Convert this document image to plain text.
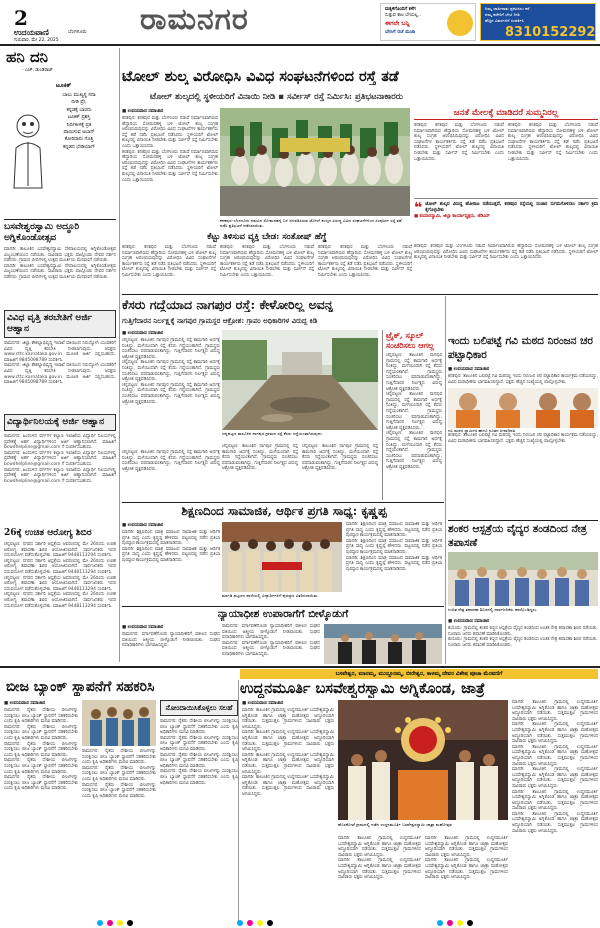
2
ಉದಯವಾಣಿ	ಬೆಂಗಳೂರು
ಗುರುವಾರ, ಮೇ 22, 2025
ರಾಮನಗರ	ಮಕ್ಕಳಿಗೊಂದಿಗೆ ಕಳೆಗ
ಸುತ್ತುವ ಕಾಲ ಬೇಯಲ್ಲ..
ಈಗಲೇ ಬನ್ನಿ
ಬೇಸಿಗೆ ರಜೆ ಮಜಾ
ನಿಮ್ಮ ಜಾಹೀರಾತು ಪ್ರಕಟಿಸಲು ಕರೆ
ನಮ್ಮ ಕಚೇರಿಗೆ ಭೇಟಿ ನೀಡಿ
ಹೆಚ್ಚಿನ ವಿವರಗಳಿಗೆ ಸಂಪರ್ಕಿಸಿ
8310152292
ಹನಿ ದನಿ
- ಎಚ್. ಡುಂಡಿರಾಜ್
ಟೂಕಿಕ್
ಬಾಲು ಮುಖ್ಯಸ್ಥ ಸದಾ
ದೀಡಿ ಪ್ರೇ,
ಕನ್ನಡಕ್ಕೆ ಬಾರದು
ಟೂಕಿಕ್ ಪ್ರಶಸ್ತಿ
ನಿರ್ದಿಕೀಳಕ್ಕೆ ಪ್ರತಿ
ಪಾಯಿಸುವ ಅಬಾನ್
ಕೋರಿದಾನು ಗೊತ್ತಿ
ಕನ್ನಡದ ಭೇಡಿಯಾಗ್
ಬಸವೇಶ್ವರಸ್ವಾಮಿ ಅದ್ಧೂರಿ ಅಗ್ನಿಕೊಂಡೋತ್ಸವ
ಮಾಗಡಿ: ತಾಲೂಕಿನ ಬಸವೇಶ್ವರಸ್ವಾಮಿ ದೇವಾಲಯದಲ್ಲಿ ಅಗ್ನಿಕೊಂಡೋತ್ಸವ ವಿಜೃಂಭಣೆಯಿಂದ ನಡೆಯಿತು. ಸಾವಿರಾರು ಭಕ್ತರು ಪಾಲ್ಗೊಂಡು ದೇವರ ದರ್ಶನ ಪಡೆದರು. ಗ್ರಾಮದ ಬೀದಿಗಳಲ್ಲಿ ಉತ್ಸವ ಮೂರ್ತಿಯ ಮೆರವಣಿಗೆ ನಡೆಯಿತು.
ಮಾಗಡಿ: ತಾಲೂಕಿನ ಬಸವೇಶ್ವರಸ್ವಾಮಿ ದೇವಾಲಯದಲ್ಲಿ ಅಗ್ನಿಕೊಂಡೋತ್ಸವ ವಿಜೃಂಭಣೆಯಿಂದ ನಡೆಯಿತು. ಸಾವಿರಾರು ಭಕ್ತರು ಪಾಲ್ಗೊಂಡು ದೇವರ ದರ್ಶನ ಪಡೆದರು. ಗ್ರಾಮದ ಬೀದಿಗಳಲ್ಲಿ ಉತ್ಸವ ಮೂರ್ತಿಯ ಮೆರವಣಿಗೆ ನಡೆಯಿತು.
ವಿವಿಧ ವೃತ್ತಿ ತರಬೇತಿಗೆ ಅರ್ಜಿ ಆಹ್ವಾನ
ರಾಮನಗರ: ಜಿಲ್ಲಾ ಕೌಶಲ್ಯಾಭಿವೃದ್ಧಿ ಇಲಾಖೆ ವತಿಯಿಂದ ನಿರುದ್ಯೋಗಿ ಯುವಕರಿಗೆ ವಿವಿಧ ವೃತ್ತಿ ತರಬೇತಿ ನೀಡಲಾಗುವುದು. ಆಸಕ್ತರು www.cttc.karnataka.gov.in ಮೂಲಕ ಅರ್ಜಿ ಸಲ್ಲಿಸಬಹುದು. ಮಾಹಿತಿಗೆ 9845098789 ಸಂಪರ್ಕಿಸಿ.
ರಾಮನಗರ: ಜಿಲ್ಲಾ ಕೌಶಲ್ಯಾಭಿವೃದ್ಧಿ ಇಲಾಖೆ ವತಿಯಿಂದ ನಿರುದ್ಯೋಗಿ ಯುವಕರಿಗೆ ವಿವಿಧ ವೃತ್ತಿ ತರಬೇತಿ ನೀಡಲಾಗುವುದು. ಆಸಕ್ತರು www.cttc.karnataka.gov.in ಮೂಲಕ ಅರ್ಜಿ ಸಲ್ಲಿಸಬಹುದು. ಮಾಹಿತಿಗೆ 9845098789 ಸಂಪರ್ಕಿಸಿ.
ವಿದ್ಯಾರ್ಥಿನಿಲಯಕ್ಕೆ ಅರ್ಜಿ ಆಹ್ವಾನ
ರಾಮನಗರ: ಹಿಂದುಳಿದ ವರ್ಗಗಳ ಕಲ್ಯಾಣ ಇಲಾಖೆಯ ವಿದ್ಯಾರ್ಥಿ ನಿಲಯಗಳಲ್ಲಿ ಪ್ರವೇಶಕ್ಕೆ ಅರ್ಹ ವಿದ್ಯಾರ್ಥಿಗಳಿಂದ ಅರ್ಜಿ ಆಹ್ವಾನಿಸಲಾಗಿದೆ. ಮಾಹಿತಿಗೆ bcwdhelpline@gmail.com ಗೆ ಸಂಪರ್ಕಿಸಬಹುದು.
ರಾಮನಗರ: ಹಿಂದುಳಿದ ವರ್ಗಗಳ ಕಲ್ಯಾಣ ಇಲಾಖೆಯ ವಿದ್ಯಾರ್ಥಿ ನಿಲಯಗಳಲ್ಲಿ ಪ್ರವೇಶಕ್ಕೆ ಅರ್ಹ ವಿದ್ಯಾರ್ಥಿಗಳಿಂದ ಅರ್ಜಿ ಆಹ್ವಾನಿಸಲಾಗಿದೆ. ಮಾಹಿತಿಗೆ bcwdhelpline@gmail.com ಗೆ ಸಂಪರ್ಕಿಸಬಹುದು.
ರಾಮನಗರ: ಹಿಂದುಳಿದ ವರ್ಗಗಳ ಕಲ್ಯಾಣ ಇಲಾಖೆಯ ವಿದ್ಯಾರ್ಥಿ ನಿಲಯಗಳಲ್ಲಿ ಪ್ರವೇಶಕ್ಕೆ ಅರ್ಹ ವಿದ್ಯಾರ್ಥಿಗಳಿಂದ ಅರ್ಜಿ ಆಹ್ವಾನಿಸಲಾಗಿದೆ. ಮಾಹಿತಿಗೆ bcwdhelpline@gmail.com ಗೆ ಸಂಪರ್ಕಿಸಬಹುದು.
26ಕ್ಕೆ ಉಚಿತ ಆರೋಗ್ಯ ಶಿಬಿರ
ಚನ್ನಪಟ್ಟಣ: ನಗರದ ಸರ್ಕಾರಿ ಆಸ್ಪತ್ರೆಯ ಆವರಣದಲ್ಲಿ ಮೇ 26ರಂದು ಉಚಿತ ಆರೋಗ್ಯ ತಪಾಸಣಾ ಶಿಬಿರ ಆಯೋಜಿಸಲಾಗಿದೆ. ಸಾರ್ವಜನಿಕರು ಇದರ ಸದುಪಯೋಗ ಪಡೆದುಕೊಳ್ಳಬೇಕು. ಮಾಹಿತಿಗೆ 9448113294 ಸಂಪರ್ಕಿಸಿ.
ಚನ್ನಪಟ್ಟಣ: ನಗರದ ಸರ್ಕಾರಿ ಆಸ್ಪತ್ರೆಯ ಆವರಣದಲ್ಲಿ ಮೇ 26ರಂದು ಉಚಿತ ಆರೋಗ್ಯ ತಪಾಸಣಾ ಶಿಬಿರ ಆಯೋಜಿಸಲಾಗಿದೆ. ಸಾರ್ವಜನಿಕರು ಇದರ ಸದುಪಯೋಗ ಪಡೆದುಕೊಳ್ಳಬೇಕು. ಮಾಹಿತಿಗೆ 9448113294 ಸಂಪರ್ಕಿಸಿ.
ಚನ್ನಪಟ್ಟಣ: ನಗರದ ಸರ್ಕಾರಿ ಆಸ್ಪತ್ರೆಯ ಆವರಣದಲ್ಲಿ ಮೇ 26ರಂದು ಉಚಿತ ಆರೋಗ್ಯ ತಪಾಸಣಾ ಶಿಬಿರ ಆಯೋಜಿಸಲಾಗಿದೆ. ಸಾರ್ವಜನಿಕರು ಇದರ ಸದುಪಯೋಗ ಪಡೆದುಕೊಳ್ಳಬೇಕು. ಮಾಹಿತಿಗೆ 9448113294 ಸಂಪರ್ಕಿಸಿ.
ಚನ್ನಪಟ್ಟಣ: ನಗರದ ಸರ್ಕಾರಿ ಆಸ್ಪತ್ರೆಯ ಆವರಣದಲ್ಲಿ ಮೇ 26ರಂದು ಉಚಿತ ಆರೋಗ್ಯ ತಪಾಸಣಾ ಶಿಬಿರ ಆಯೋಜಿಸಲಾಗಿದೆ. ಸಾರ್ವಜನಿಕರು ಇದರ ಸದುಪಯೋಗ ಪಡೆದುಕೊಳ್ಳಬೇಕು. ಮಾಹಿತಿಗೆ 9448113294 ಸಂಪರ್ಕಿಸಿ.
ಟೋಲ್ ಶುಲ್ಕ ವಿರೋಧಿಸಿ ವಿವಿಧ ಸಂಘಟನೆಗಳಿಂದ ರಸ್ತೆ ತಡೆ
ಟೋಲ್ ಶುಲ್ಕದಲ್ಲಿ ಸ್ಥಳೀಯರಿಗೆ ವಿನಾಯಿ ನೀಡಿ ▪ ಸರ್ವೀಸ್ ರಸ್ತೆ ನಿರ್ಮಿಸಿ: ಪ್ರತಿಭಟನಾಕಾರರು
■ ಉದಯವಾಣಿ ಸಮಾಚಾರ
ಕನಕಪುರ: ಕನಕಪುರ ಮತ್ತು ಬೆಂಗಳೂರು ನಡುವೆ ನಿರ್ಮಾಣವಾಗಿರುವ ಹೆದ್ದಾರಿಯ ಸೋಮನಹಳ್ಳಿ ಬಳಿ ಟೋಲ್ ಶುಲ್ಕ ಸಂಗ್ರಹ ಆರಂಭಿಸಿರುವುದನ್ನು ವಿರೋಧಿಸಿ ವಿವಿಧ ಸಂಘಟನೆಗಳ ಕಾರ್ಯಕರ್ತರು ರಸ್ತೆ ತಡೆ ನಡೆಸಿ ಪ್ರತಿಭಟನೆ ನಡೆಸಿದರು. ಸ್ಥಳೀಯರಿಗೆ ಟೋಲ್ ಶುಲ್ಕದಲ್ಲಿ ವಿನಾಯಿತಿ ನೀಡಬೇಕು ಮತ್ತು ಸರ್ವೀಸ್ ರಸ್ತೆ ನಿರ್ಮಿಸಬೇಕು ಎಂದು ಒತ್ತಾಯಿಸಿದರು.
ಕನಕಪುರ: ಕನಕಪುರ ಮತ್ತು ಬೆಂಗಳೂರು ನಡುವೆ ನಿರ್ಮಾಣವಾಗಿರುವ ಹೆದ್ದಾರಿಯ ಸೋಮನಹಳ್ಳಿ ಬಳಿ ಟೋಲ್ ಶುಲ್ಕ ಸಂಗ್ರಹ ಆರಂಭಿಸಿರುವುದನ್ನು ವಿರೋಧಿಸಿ ವಿವಿಧ ಸಂಘಟನೆಗಳ ಕಾರ್ಯಕರ್ತರು ರಸ್ತೆ ತಡೆ ನಡೆಸಿ ಪ್ರತಿಭಟನೆ ನಡೆಸಿದರು. ಸ್ಥಳೀಯರಿಗೆ ಟೋಲ್ ಶುಲ್ಕದಲ್ಲಿ ವಿನಾಯಿತಿ ನೀಡಬೇಕು ಮತ್ತು ಸರ್ವೀಸ್ ರಸ್ತೆ ನಿರ್ಮಿಸಬೇಕು ಎಂದು ಒತ್ತಾಯಿಸಿದರು.
ಕನಕಪುರ–ಬೆಂಗಳೂರು ನಡುವಿನ ಸೋಮನಹಳ್ಳಿ ಬಳಿ ಅಳವಡಿಸಿರುವ ಟೋಲ್ ಶುಲ್ಕದ ವಿರುದ್ಧ ವಿವಿಧ ಸಂಘಟನೆಗಳಿಂದ ಸಂಪೂರ್ಣ ರಸ್ತೆ ತಡೆ ನಡೆಸಿ ಪ್ರತಿಭಟನೆ ನಡೆಸಲಾಯಿತು.
ಜನತೆ ಮೇಲಕ್ಕೆ ಮಾಡಿದರೆ ಸುಮ್ಮನಿರಲ್ಲ
ಕನಕಪುರ: ಕನಕಪುರ ಮತ್ತು ಬೆಂಗಳೂರು ನಡುವೆ ನಿರ್ಮಾಣವಾಗಿರುವ ಹೆದ್ದಾರಿಯ ಸೋಮನಹಳ್ಳಿ ಬಳಿ ಟೋಲ್ ಶುಲ್ಕ ಸಂಗ್ರಹ ಆರಂಭಿಸಿರುವುದನ್ನು ವಿರೋಧಿಸಿ ವಿವಿಧ ಸಂಘಟನೆಗಳ ಕಾರ್ಯಕರ್ತರು ರಸ್ತೆ ತಡೆ ನಡೆಸಿ ಪ್ರತಿಭಟನೆ ನಡೆಸಿದರು. ಸ್ಥಳೀಯರಿಗೆ ಟೋಲ್ ಶುಲ್ಕದಲ್ಲಿ ವಿನಾಯಿತಿ ನೀಡಬೇಕು ಮತ್ತು ಸರ್ವೀಸ್ ರಸ್ತೆ ನಿರ್ಮಿಸಬೇಕು ಎಂದು ಒತ್ತಾಯಿಸಿದರು.
ಕನಕಪುರ: ಕನಕಪುರ ಮತ್ತು ಬೆಂಗಳೂರು ನಡುವೆ ನಿರ್ಮಾಣವಾಗಿರುವ ಹೆದ್ದಾರಿಯ ಸೋಮನಹಳ್ಳಿ ಬಳಿ ಟೋಲ್ ಶುಲ್ಕ ಸಂಗ್ರಹ ಆರಂಭಿಸಿರುವುದನ್ನು ವಿರೋಧಿಸಿ ವಿವಿಧ ಸಂಘಟನೆಗಳ ಕಾರ್ಯಕರ್ತರು ರಸ್ತೆ ತಡೆ ನಡೆಸಿ ಪ್ರತಿಭಟನೆ ನಡೆಸಿದರು. ಸ್ಥಳೀಯರಿಗೆ ಟೋಲ್ ಶುಲ್ಕದಲ್ಲಿ ವಿನಾಯಿತಿ ನೀಡಬೇಕು ಮತ್ತು ಸರ್ವೀಸ್ ರಸ್ತೆ ನಿರ್ಮಿಸಬೇಕು ಎಂದು ಒತ್ತಾಯಿಸಿದರು.
❝ ಟೋಲ್ ಶುಲ್ಕದ ವಿರುದ್ಧ ಹೋರಾಟ ನಡೆಯುತ್ತದೆ, ಕನಕಪುರ ರಸ್ತೆಯಲ್ಲಿ ಸಂಚಾರ ಸುಗಮಗೊಳಿಸಲು ಸರ್ಕಾರ ಕ್ರಮ ಕೈಗೊಳ್ಳಬೇಕು
■ ಕುಮಾರಸ್ವಾಮಿ, ಜಿಲ್ಲಾ ಕಾರ್ಯಾಧ್ಯಕ್ಷರು, ಜೆಡಿಎಸ್
ಕೆಟ್ಟು ತಿಳಿಸುವ ವ್ಯಕ್ತಿ ಬೇಡ: ಸಂತೋಷ್ ಹೆಗ್ಡೆ
ಕನಕಪುರ: ಕನಕಪುರ ಮತ್ತು ಬೆಂಗಳೂರು ನಡುವೆ ನಿರ್ಮಾಣವಾಗಿರುವ ಹೆದ್ದಾರಿಯ ಸೋಮನಹಳ್ಳಿ ಬಳಿ ಟೋಲ್ ಶುಲ್ಕ ಸಂಗ್ರಹ ಆರಂಭಿಸಿರುವುದನ್ನು ವಿರೋಧಿಸಿ ವಿವಿಧ ಸಂಘಟನೆಗಳ ಕಾರ್ಯಕರ್ತರು ರಸ್ತೆ ತಡೆ ನಡೆಸಿ ಪ್ರತಿಭಟನೆ ನಡೆಸಿದರು. ಸ್ಥಳೀಯರಿಗೆ ಟೋಲ್ ಶುಲ್ಕದಲ್ಲಿ ವಿನಾಯಿತಿ ನೀಡಬೇಕು ಮತ್ತು ಸರ್ವೀಸ್ ರಸ್ತೆ ನಿರ್ಮಿಸಬೇಕು ಎಂದು ಒತ್ತಾಯಿಸಿದರು.
ಕನಕಪುರ: ಕನಕಪುರ ಮತ್ತು ಬೆಂಗಳೂರು ನಡುವೆ ನಿರ್ಮಾಣವಾಗಿರುವ ಹೆದ್ದಾರಿಯ ಸೋಮನಹಳ್ಳಿ ಬಳಿ ಟೋಲ್ ಶುಲ್ಕ ಸಂಗ್ರಹ ಆರಂಭಿಸಿರುವುದನ್ನು ವಿರೋಧಿಸಿ ವಿವಿಧ ಸಂಘಟನೆಗಳ ಕಾರ್ಯಕರ್ತರು ರಸ್ತೆ ತಡೆ ನಡೆಸಿ ಪ್ರತಿಭಟನೆ ನಡೆಸಿದರು. ಸ್ಥಳೀಯರಿಗೆ ಟೋಲ್ ಶುಲ್ಕದಲ್ಲಿ ವಿನಾಯಿತಿ ನೀಡಬೇಕು ಮತ್ತು ಸರ್ವೀಸ್ ರಸ್ತೆ ನಿರ್ಮಿಸಬೇಕು ಎಂದು ಒತ್ತಾಯಿಸಿದರು.
ಕನಕಪುರ: ಕನಕಪುರ ಮತ್ತು ಬೆಂಗಳೂರು ನಡುವೆ ನಿರ್ಮಾಣವಾಗಿರುವ ಹೆದ್ದಾರಿಯ ಸೋಮನಹಳ್ಳಿ ಬಳಿ ಟೋಲ್ ಶುಲ್ಕ ಸಂಗ್ರಹ ಆರಂಭಿಸಿರುವುದನ್ನು ವಿರೋಧಿಸಿ ವಿವಿಧ ಸಂಘಟನೆಗಳ ಕಾರ್ಯಕರ್ತರು ರಸ್ತೆ ತಡೆ ನಡೆಸಿ ಪ್ರತಿಭಟನೆ ನಡೆಸಿದರು. ಸ್ಥಳೀಯರಿಗೆ ಟೋಲ್ ಶುಲ್ಕದಲ್ಲಿ ವಿನಾಯಿತಿ ನೀಡಬೇಕು ಮತ್ತು ಸರ್ವೀಸ್ ರಸ್ತೆ ನಿರ್ಮಿಸಬೇಕು ಎಂದು ಒತ್ತಾಯಿಸಿದರು.
ಕನಕಪುರ: ಕನಕಪುರ ಮತ್ತು ಬೆಂಗಳೂರು ನಡುವೆ ನಿರ್ಮಾಣವಾಗಿರುವ ಹೆದ್ದಾರಿಯ ಸೋಮನಹಳ್ಳಿ ಬಳಿ ಟೋಲ್ ಶುಲ್ಕ ಸಂಗ್ರಹ ಆರಂಭಿಸಿರುವುದನ್ನು ವಿರೋಧಿಸಿ ವಿವಿಧ ಸಂಘಟನೆಗಳ ಕಾರ್ಯಕರ್ತರು ರಸ್ತೆ ತಡೆ ನಡೆಸಿ ಪ್ರತಿಭಟನೆ ನಡೆಸಿದರು. ಸ್ಥಳೀಯರಿಗೆ ಟೋಲ್ ಶುಲ್ಕದಲ್ಲಿ ವಿನಾಯಿತಿ ನೀಡಬೇಕು ಮತ್ತು ಸರ್ವೀಸ್ ರಸ್ತೆ ನಿರ್ಮಿಸಬೇಕು ಎಂದು ಒತ್ತಾಯಿಸಿದರು.
ಕೆಸರು ಗದ್ದೆಯಾದ ನಾಗಪುರ ರಸ್ತೆ: ಕೇಳೋರಿಲ್ಲ ಅವನ್ನ
ಗುತ್ತಿಗೆದಾರನ ನಿರ್ಲಕ್ಷ್ಯಕ್ಕೆ ನಾಗಪುರ ಗ್ರಾಮಸ್ಥರ ಆಕ್ರೋಶ: ಗ್ರಾಪಂ ಅಧಿಕಾರಿಗಳ ವಿರುದ್ಧ ಕಿಡಿ
■ ಉದಯವಾಣಿ ಸಮಾಚಾರ
ಚನ್ನಪಟ್ಟಣ: ತಾಲೂಕಿನ ನಾಗಪುರ ಗ್ರಾಮದಲ್ಲಿ ರಸ್ತೆ ಕಾಮಗಾರಿ ಅರ್ಧಕ್ಕೆ ನಿಂತಿದ್ದು, ಮಳೆಯಿಂದಾಗಿ ರಸ್ತೆ ಕೆಸರು ಗದ್ದೆಯಂತಾಗಿದೆ. ಗ್ರಾಮಸ್ಥರು ಸಂಚರಿಸಲು ಪರದಾಡುವಂತಾಗಿದ್ದು, ಗುತ್ತಿಗೆದಾರನ ನಿರ್ಲಕ್ಷ್ಯದ ವಿರುದ್ಧ ಆಕ್ರೋಶ ವ್ಯಕ್ತಪಡಿಸಿದರು.
ಚನ್ನಪಟ್ಟಣ: ತಾಲೂಕಿನ ನಾಗಪುರ ಗ್ರಾಮದಲ್ಲಿ ರಸ್ತೆ ಕಾಮಗಾರಿ ಅರ್ಧಕ್ಕೆ ನಿಂತಿದ್ದು, ಮಳೆಯಿಂದಾಗಿ ರಸ್ತೆ ಕೆಸರು ಗದ್ದೆಯಂತಾಗಿದೆ. ಗ್ರಾಮಸ್ಥರು ಸಂಚರಿಸಲು ಪರದಾಡುವಂತಾಗಿದ್ದು, ಗುತ್ತಿಗೆದಾರನ ನಿರ್ಲಕ್ಷ್ಯದ ವಿರುದ್ಧ ಆಕ್ರೋಶ ವ್ಯಕ್ತಪಡಿಸಿದರು.
ಚನ್ನಪಟ್ಟಣ: ತಾಲೂಕಿನ ನಾಗಪುರ ಗ್ರಾಮದಲ್ಲಿ ರಸ್ತೆ ಕಾಮಗಾರಿ ಅರ್ಧಕ್ಕೆ ನಿಂತಿದ್ದು, ಮಳೆಯಿಂದಾಗಿ ರಸ್ತೆ ಕೆಸರು ಗದ್ದೆಯಂತಾಗಿದೆ. ಗ್ರಾಮಸ್ಥರು ಸಂಚರಿಸಲು ಪರದಾಡುವಂತಾಗಿದ್ದು, ಗುತ್ತಿಗೆದಾರನ ನಿರ್ಲಕ್ಷ್ಯದ ವಿರುದ್ಧ ಆಕ್ರೋಶ ವ್ಯಕ್ತಪಡಿಸಿದರು.
ಚನ್ನಪಟ್ಟಣ: ತಾಲೂಕಿನ ನಾಗಪುರ ಗ್ರಾಮದಲ್ಲಿ ರಸ್ತೆ ಕಾಮಗಾರಿ ಅರ್ಧಕ್ಕೆ ನಿಂತಿದ್ದು, ಮಳೆಯಿಂದಾಗಿ ರಸ್ತೆ ಕೆಸರು ಗದ್ದೆಯಂತಾಗಿದೆ. ಗ್ರಾಮಸ್ಥರು ಸಂಚರಿಸಲು ಪರದಾಡುವಂತಾಗಿದ್ದು, ಗುತ್ತಿಗೆದಾರನ ನಿರ್ಲಕ್ಷ್ಯದ ವಿರುದ್ಧ ಆಕ್ರೋಶ ವ್ಯಕ್ತಪಡಿಸಿದರು.
ಚನ್ನಪಟ್ಟಣ ತಾಲೂಕಿನ ನಾಗಪುರ ಗ್ರಾಮದ ರಸ್ತೆ ಕೆಸರು ಗದ್ದೆಯಂತಾಗಿರುವುದು.
ಚನ್ನಪಟ್ಟಣ: ತಾಲೂಕಿನ ನಾಗಪುರ ಗ್ರಾಮದಲ್ಲಿ ರಸ್ತೆ ಕಾಮಗಾರಿ ಅರ್ಧಕ್ಕೆ ನಿಂತಿದ್ದು, ಮಳೆಯಿಂದಾಗಿ ರಸ್ತೆ ಕೆಸರು ಗದ್ದೆಯಂತಾಗಿದೆ. ಗ್ರಾಮಸ್ಥರು ಸಂಚರಿಸಲು ಪರದಾಡುವಂತಾಗಿದ್ದು, ಗುತ್ತಿಗೆದಾರನ ನಿರ್ಲಕ್ಷ್ಯದ ವಿರುದ್ಧ ಆಕ್ರೋಶ ವ್ಯಕ್ತಪಡಿಸಿದರು.
ಚನ್ನಪಟ್ಟಣ: ತಾಲೂಕಿನ ನಾಗಪುರ ಗ್ರಾಮದಲ್ಲಿ ರಸ್ತೆ ಕಾಮಗಾರಿ ಅರ್ಧಕ್ಕೆ ನಿಂತಿದ್ದು, ಮಳೆಯಿಂದಾಗಿ ರಸ್ತೆ ಕೆಸರು ಗದ್ದೆಯಂತಾಗಿದೆ. ಗ್ರಾಮಸ್ಥರು ಸಂಚರಿಸಲು ಪರದಾಡುವಂತಾಗಿದ್ದು, ಗುತ್ತಿಗೆದಾರನ ನಿರ್ಲಕ್ಷ್ಯದ ವಿರುದ್ಧ ಆಕ್ರೋಶ ವ್ಯಕ್ತಪಡಿಸಿದರು.
ಟ್ರೈಕ್, ಸ್ಕೂಲ್ ಸಂಚರಿಸಲು ಆಗಲ್ಲ
ಚನ್ನಪಟ್ಟಣ: ತಾಲೂಕಿನ ನಾಗಪುರ ಗ್ರಾಮದಲ್ಲಿ ರಸ್ತೆ ಕಾಮಗಾರಿ ಅರ್ಧಕ್ಕೆ ನಿಂತಿದ್ದು, ಮಳೆಯಿಂದಾಗಿ ರಸ್ತೆ ಕೆಸರು ಗದ್ದೆಯಂತಾಗಿದೆ. ಗ್ರಾಮಸ್ಥರು ಸಂಚರಿಸಲು ಪರದಾಡುವಂತಾಗಿದ್ದು, ಗುತ್ತಿಗೆದಾರನ ನಿರ್ಲಕ್ಷ್ಯದ ವಿರುದ್ಧ ಆಕ್ರೋಶ ವ್ಯಕ್ತಪಡಿಸಿದರು.
ಚನ್ನಪಟ್ಟಣ: ತಾಲೂಕಿನ ನಾಗಪುರ ಗ್ರಾಮದಲ್ಲಿ ರಸ್ತೆ ಕಾಮಗಾರಿ ಅರ್ಧಕ್ಕೆ ನಿಂತಿದ್ದು, ಮಳೆಯಿಂದಾಗಿ ರಸ್ತೆ ಕೆಸರು ಗದ್ದೆಯಂತಾಗಿದೆ. ಗ್ರಾಮಸ್ಥರು ಸಂಚರಿಸಲು ಪರದಾಡುವಂತಾಗಿದ್ದು, ಗುತ್ತಿಗೆದಾರನ ನಿರ್ಲಕ್ಷ್ಯದ ವಿರುದ್ಧ ಆಕ್ರೋಶ ವ್ಯಕ್ತಪಡಿಸಿದರು.
ಚನ್ನಪಟ್ಟಣ: ತಾಲೂಕಿನ ನಾಗಪುರ ಗ್ರಾಮದಲ್ಲಿ ರಸ್ತೆ ಕಾಮಗಾರಿ ಅರ್ಧಕ್ಕೆ ನಿಂತಿದ್ದು, ಮಳೆಯಿಂದಾಗಿ ರಸ್ತೆ ಕೆಸರು ಗದ್ದೆಯಂತಾಗಿದೆ. ಗ್ರಾಮಸ್ಥರು ಸಂಚರಿಸಲು ಪರದಾಡುವಂತಾಗಿದ್ದು, ಗುತ್ತಿಗೆದಾರನ ನಿರ್ಲಕ್ಷ್ಯದ ವಿರುದ್ಧ ಆಕ್ರೋಶ ವ್ಯಕ್ತಪಡಿಸಿದರು.
ಇಂದು ಬಲಿಪಟ್ಟೆ ಗವಿ ಮಠದ ನಿರಂಜನ ಚರ ಪಟ್ಟಾಧಿಕಾರ
■ ಉದಯವಾಣಿ ಸಮಾಚಾರ
ಕನಕಪುರ: ತಾಲೂಕಿನ ಬಲಿಪಟ್ಟೆ ಗವಿ ಮಠದಲ್ಲಿ ಇಂದು ನಿರಂಜನ ಚರ ಪಟ್ಟಾಧಿಕಾರ ಕಾರ್ಯಕ್ರಮ ನಡೆಯಲಿದ್ದು, ವಿವಿಧ ಮಠಾಧೀಶರು ಭಾಗವಹಿಸಲಿದ್ದಾರೆ. ಭಕ್ತರು ಹೆಚ್ಚಿನ ಸಂಖ್ಯೆಯಲ್ಲಿ ಪಾಲ್ಗೊಳ್ಳಬೇಕು.
ಗವಿ ಮಠದ ಸ್ವಾಮೀಜಿ ಹಾಗೂ ನೂತನ ಪೀಠಾಧಿಪತಿ
ಕನಕಪುರ: ತಾಲೂಕಿನ ಬಲಿಪಟ್ಟೆ ಗವಿ ಮಠದಲ್ಲಿ ಇಂದು ನಿರಂಜನ ಚರ ಪಟ್ಟಾಧಿಕಾರ ಕಾರ್ಯಕ್ರಮ ನಡೆಯಲಿದ್ದು, ವಿವಿಧ ಮಠಾಧೀಶರು ಭಾಗವಹಿಸಲಿದ್ದಾರೆ. ಭಕ್ತರು ಹೆಚ್ಚಿನ ಸಂಖ್ಯೆಯಲ್ಲಿ ಪಾಲ್ಗೊಳ್ಳಬೇಕು.
ಶಿಕ್ಷಣದಿಂದ ಸಾಮಾಜಿಕ, ಆರ್ಥಿಕ ಪ್ರಗತಿ ಸಾಧ್ಯ: ಕೃಷ್ಣಪ್ಪ
■ ಉದಯವಾಣಿ ಸಮಾಚಾರ
ಮಾಗಡಿ: ಶಿಕ್ಷಣದಿಂದ ಮಾತ್ರ ಸಮಾಜದ ಸಾಮಾಜಿಕ ಮತ್ತು ಆರ್ಥಿಕ ಪ್ರಗತಿ ಸಾಧ್ಯ ಎಂದು ಕೃಷ್ಣಪ್ಪ ಹೇಳಿದರು. ಪಟ್ಟಣದಲ್ಲಿ ನಡೆದ ಪ್ರತಿಭಾ ಪುರಸ್ಕಾರ ಕಾರ್ಯಕ್ರಮದಲ್ಲಿ ಮಾತನಾಡಿದರು.
ಮಾಗಡಿ: ಶಿಕ್ಷಣದಿಂದ ಮಾತ್ರ ಸಮಾಜದ ಸಾಮಾಜಿಕ ಮತ್ತು ಆರ್ಥಿಕ ಪ್ರಗತಿ ಸಾಧ್ಯ ಎಂದು ಕೃಷ್ಣಪ್ಪ ಹೇಳಿದರು. ಪಟ್ಟಣದಲ್ಲಿ ನಡೆದ ಪ್ರತಿಭಾ ಪುರಸ್ಕಾರ ಕಾರ್ಯಕ್ರಮದಲ್ಲಿ ಮಾತನಾಡಿದರು.
ಮಾಗಡಿ ಪಟ್ಟಣದ ಶಾಲೆಯಲ್ಲಿ ವಿದ್ಯಾರ್ಥಿಗಳಿಗೆ ಪುರಸ್ಕಾರ ವಿತರಿಸಲಾಯಿತು.
ಮಾಗಡಿ: ಶಿಕ್ಷಣದಿಂದ ಮಾತ್ರ ಸಮಾಜದ ಸಾಮಾಜಿಕ ಮತ್ತು ಆರ್ಥಿಕ ಪ್ರಗತಿ ಸಾಧ್ಯ ಎಂದು ಕೃಷ್ಣಪ್ಪ ಹೇಳಿದರು. ಪಟ್ಟಣದಲ್ಲಿ ನಡೆದ ಪ್ರತಿಭಾ ಪುರಸ್ಕಾರ ಕಾರ್ಯಕ್ರಮದಲ್ಲಿ ಮಾತನಾಡಿದರು.
ಮಾಗಡಿ: ಶಿಕ್ಷಣದಿಂದ ಮಾತ್ರ ಸಮಾಜದ ಸಾಮಾಜಿಕ ಮತ್ತು ಆರ್ಥಿಕ ಪ್ರಗತಿ ಸಾಧ್ಯ ಎಂದು ಕೃಷ್ಣಪ್ಪ ಹೇಳಿದರು. ಪಟ್ಟಣದಲ್ಲಿ ನಡೆದ ಪ್ರತಿಭಾ ಪುರಸ್ಕಾರ ಕಾರ್ಯಕ್ರಮದಲ್ಲಿ ಮಾತನಾಡಿದರು.
ಮಾಗಡಿ: ಶಿಕ್ಷಣದಿಂದ ಮಾತ್ರ ಸಮಾಜದ ಸಾಮಾಜಿಕ ಮತ್ತು ಆರ್ಥಿಕ ಪ್ರಗತಿ ಸಾಧ್ಯ ಎಂದು ಕೃಷ್ಣಪ್ಪ ಹೇಳಿದರು. ಪಟ್ಟಣದಲ್ಲಿ ನಡೆದ ಪ್ರತಿಭಾ ಪುರಸ್ಕಾರ ಕಾರ್ಯಕ್ರಮದಲ್ಲಿ ಮಾತನಾಡಿದರು.
ನ್ಯಾಯಾಧೀಶ ಉಪಾರಾಗೆಗೆ ಬೀಳ್ಕೊಡುಗೆ
■ ಉದಯವಾಣಿ ಸಮಾಚಾರ
ರಾಮನಗರ: ವರ್ಗಾವಣೆಗೊಂಡ ನ್ಯಾಯಾಧೀಶರಿಗೆ ವಕೀಲರ ಸಂಘದ ವತಿಯಿಂದ ಆತ್ಮೀಯ ಬೀಳ್ಕೊಡುಗೆ ನೀಡಲಾಯಿತು. ಸಂಘದ ಪದಾಧಿಕಾರಿಗಳು ಭಾಗವಹಿಸಿದ್ದರು.
ರಾಮನಗರ: ವರ್ಗಾವಣೆಗೊಂಡ ನ್ಯಾಯಾಧೀಶರಿಗೆ ವಕೀಲರ ಸಂಘದ ವತಿಯಿಂದ ಆತ್ಮೀಯ ಬೀಳ್ಕೊಡುಗೆ ನೀಡಲಾಯಿತು. ಸಂಘದ ಪದಾಧಿಕಾರಿಗಳು ಭಾಗವಹಿಸಿದ್ದರು.
ರಾಮನಗರ: ವರ್ಗಾವಣೆಗೊಂಡ ನ್ಯಾಯಾಧೀಶರಿಗೆ ವಕೀಲರ ಸಂಘದ ವತಿಯಿಂದ ಆತ್ಮೀಯ ಬೀಳ್ಕೊಡುಗೆ ನೀಡಲಾಯಿತು. ಸಂಘದ ಪದಾಧಿಕಾರಿಗಳು ಭಾಗವಹಿಸಿದ್ದರು.
ಶಂಕರ ಆಸ್ಪತ್ರೆಯ ವೈದ್ಯರ ತಂಡದಿಂದ ನೇತ್ರ ತಪಾಸಣೆ
ಉಚಿತ ನೇತ್ರ ತಪಾಸಣಾ ಶಿಬಿರದಲ್ಲಿ ಸಾರ್ವಜನಿಕರು ಪಾಲ್ಗೊಂಡಿದ್ದರು.
■ ಉದಯವಾಣಿ ಸಮಾಚಾರ
ಕುದೂರು: ಗ್ರಾಮದಲ್ಲಿ ಶಂಕರ ಕಣ್ಣಿನ ಆಸ್ಪತ್ರೆಯ ವೈದ್ಯರ ತಂಡದಿಂದ ಉಚಿತ ನೇತ್ರ ತಪಾಸಣಾ ಶಿಬಿರ ನಡೆಯಿತು. ನೂರಾರು ಜನರು ತಪಾಸಣೆ ಮಾಡಿಸಿಕೊಂಡರು.
ಕುದೂರು: ಗ್ರಾಮದಲ್ಲಿ ಶಂಕರ ಕಣ್ಣಿನ ಆಸ್ಪತ್ರೆಯ ವೈದ್ಯರ ತಂಡದಿಂದ ಉಚಿತ ನೇತ್ರ ತಪಾಸಣಾ ಶಿಬಿರ ನಡೆಯಿತು. ನೂರಾರು ಜನರು ತಪಾಸಣೆ ಮಾಡಿಸಿಕೊಂಡರು.
ಬಸವೇಶ್ವರ, ಮಾರಮ್ಮ, ಮುದ್ದೂರಮ್ಮ, ಬೀರೇಶ್ವರ, ಕಾಳಮ್ಮ ದೇವರ ವಿಶೇಷ ಪೂಜಾ ಮೆರವಣಿಗೆ
ಬೀಜ ಬ್ಯಾಂಕ್ ಸ್ಥಾಪನೆಗೆ ಸಹಕರಿಸಿ	ಉದ್ದನಮೂರ್ತಿ ಬಸವೇಶ್ವರಸ್ವಾಮಿ ಅಗ್ನಿಕೊಂಡ, ಜಾತ್ರೆ
■ ಉದಯವಾಣಿ ಸಮಾಚಾರ
ರಾಮನಗರ: ರೈತರು ದೇಶೀಯ ಬೀಜಗಳನ್ನು ಸಂರಕ್ಷಿಸಲು ಬೀಜ ಬ್ಯಾಂಕ್ ಸ್ಥಾಪನೆಗೆ ಸಹಕರಿಸಬೇಕು ಎಂದು ಕೃಷಿ ಅಧಿಕಾರಿಗಳು ಮನವಿ ಮಾಡಿದರು.
ರಾಮನಗರ: ರೈತರು ದೇಶೀಯ ಬೀಜಗಳನ್ನು ಸಂರಕ್ಷಿಸಲು ಬೀಜ ಬ್ಯಾಂಕ್ ಸ್ಥಾಪನೆಗೆ ಸಹಕರಿಸಬೇಕು ಎಂದು ಕೃಷಿ ಅಧಿಕಾರಿಗಳು ಮನವಿ ಮಾಡಿದರು.
ರಾಮನಗರ: ರೈತರು ದೇಶೀಯ ಬೀಜಗಳನ್ನು ಸಂರಕ್ಷಿಸಲು ಬೀಜ ಬ್ಯಾಂಕ್ ಸ್ಥಾಪನೆಗೆ ಸಹಕರಿಸಬೇಕು ಎಂದು ಕೃಷಿ ಅಧಿಕಾರಿಗಳು ಮನವಿ ಮಾಡಿದರು.
ರಾಮನಗರ: ರೈತರು ದೇಶೀಯ ಬೀಜಗಳನ್ನು ಸಂರಕ್ಷಿಸಲು ಬೀಜ ಬ್ಯಾಂಕ್ ಸ್ಥಾಪನೆಗೆ ಸಹಕರಿಸಬೇಕು ಎಂದು ಕೃಷಿ ಅಧಿಕಾರಿಗಳು ಮನವಿ ಮಾಡಿದರು.
ರಾಮನಗರ: ರೈತರು ದೇಶೀಯ ಬೀಜಗಳನ್ನು ಸಂರಕ್ಷಿಸಲು ಬೀಜ ಬ್ಯಾಂಕ್ ಸ್ಥಾಪನೆಗೆ ಸಹಕರಿಸಬೇಕು ಎಂದು ಕೃಷಿ ಅಧಿಕಾರಿಗಳು ಮನವಿ ಮಾಡಿದರು.
ರಾಮನಗರ: ರೈತರು ದೇಶೀಯ ಬೀಜಗಳನ್ನು ಸಂರಕ್ಷಿಸಲು ಬೀಜ ಬ್ಯಾಂಕ್ ಸ್ಥಾಪನೆಗೆ ಸಹಕರಿಸಬೇಕು ಎಂದು ಕೃಷಿ ಅಧಿಕಾರಿಗಳು ಮನವಿ ಮಾಡಿದರು.
ರಾಮನಗರ: ರೈತರು ದೇಶೀಯ ಬೀಜಗಳನ್ನು ಸಂರಕ್ಷಿಸಲು ಬೀಜ ಬ್ಯಾಂಕ್ ಸ್ಥಾಪನೆಗೆ ಸಹಕರಿಸಬೇಕು ಎಂದು ಕೃಷಿ ಅಧಿಕಾರಿಗಳು ಮನವಿ ಮಾಡಿದರು.
ರಾಮನಗರ: ರೈತರು ದೇಶೀಯ ಬೀಜಗಳನ್ನು ಸಂರಕ್ಷಿಸಲು ಬೀಜ ಬ್ಯಾಂಕ್ ಸ್ಥಾಪನೆಗೆ ಸಹಕರಿಸಬೇಕು ಎಂದು ಕೃಷಿ ಅಧಿಕಾರಿಗಳು ಮನವಿ ಮಾಡಿದರು.
ನೋಂದಾಯಿಸಿಕೊಳ್ಳಲು ಸಲಹೆ
ರಾಮನಗರ: ರೈತರು ದೇಶೀಯ ಬೀಜಗಳನ್ನು ಸಂರಕ್ಷಿಸಲು ಬೀಜ ಬ್ಯಾಂಕ್ ಸ್ಥಾಪನೆಗೆ ಸಹಕರಿಸಬೇಕು ಎಂದು ಕೃಷಿ ಅಧಿಕಾರಿಗಳು ಮನವಿ ಮಾಡಿದರು.
ರಾಮನಗರ: ರೈತರು ದೇಶೀಯ ಬೀಜಗಳನ್ನು ಸಂರಕ್ಷಿಸಲು ಬೀಜ ಬ್ಯಾಂಕ್ ಸ್ಥಾಪನೆಗೆ ಸಹಕರಿಸಬೇಕು ಎಂದು ಕೃಷಿ ಅಧಿಕಾರಿಗಳು ಮನವಿ ಮಾಡಿದರು.
ರಾಮನಗರ: ರೈತರು ದೇಶೀಯ ಬೀಜಗಳನ್ನು ಸಂರಕ್ಷಿಸಲು ಬೀಜ ಬ್ಯಾಂಕ್ ಸ್ಥಾಪನೆಗೆ ಸಹಕರಿಸಬೇಕು ಎಂದು ಕೃಷಿ ಅಧಿಕಾರಿಗಳು ಮನವಿ ಮಾಡಿದರು.
ರಾಮನಗರ: ರೈತರು ದೇಶೀಯ ಬೀಜಗಳನ್ನು ಸಂರಕ್ಷಿಸಲು ಬೀಜ ಬ್ಯಾಂಕ್ ಸ್ಥಾಪನೆಗೆ ಸಹಕರಿಸಬೇಕು ಎಂದು ಕೃಷಿ ಅಧಿಕಾರಿಗಳು ಮನವಿ ಮಾಡಿದರು.
■ ಉದಯವಾಣಿ ಸಮಾಚಾರ
ಮಾಗಡಿ: ತಾಲೂಕಿನ ಗ್ರಾಮದಲ್ಲಿ ಉದ್ದನಮೂರ್ತಿ ಬಸವೇಶ್ವರಸ್ವಾಮಿ ಅಗ್ನಿಕೊಂಡ ಹಾಗೂ ಜಾತ್ರಾ ಮಹೋತ್ಸವ ಅದ್ದೂರಿಯಾಗಿ ನಡೆಯಿತು. ಸುತ್ತಮುತ್ತಲ ಗ್ರಾಮಗಳಿಂದ ಸಾವಿರಾರು ಭಕ್ತರು ಆಗಮಿಸಿದ್ದರು.
ಮಾಗಡಿ: ತಾಲೂಕಿನ ಗ್ರಾಮದಲ್ಲಿ ಉದ್ದನಮೂರ್ತಿ ಬಸವೇಶ್ವರಸ್ವಾಮಿ ಅಗ್ನಿಕೊಂಡ ಹಾಗೂ ಜಾತ್ರಾ ಮಹೋತ್ಸವ ಅದ್ದೂರಿಯಾಗಿ ನಡೆಯಿತು. ಸುತ್ತಮುತ್ತಲ ಗ್ರಾಮಗಳಿಂದ ಸಾವಿರಾರು ಭಕ್ತರು ಆಗಮಿಸಿದ್ದರು.
ಮಾಗಡಿ: ತಾಲೂಕಿನ ಗ್ರಾಮದಲ್ಲಿ ಉದ್ದನಮೂರ್ತಿ ಬಸವೇಶ್ವರಸ್ವಾಮಿ ಅಗ್ನಿಕೊಂಡ ಹಾಗೂ ಜಾತ್ರಾ ಮಹೋತ್ಸವ ಅದ್ದೂರಿಯಾಗಿ ನಡೆಯಿತು. ಸುತ್ತಮುತ್ತಲ ಗ್ರಾಮಗಳಿಂದ ಸಾವಿರಾರು ಭಕ್ತರು ಆಗಮಿಸಿದ್ದರು.
ಮಾಗಡಿ: ತಾಲೂಕಿನ ಗ್ರಾಮದಲ್ಲಿ ಉದ್ದನಮೂರ್ತಿ ಬಸವೇಶ್ವರಸ್ವಾಮಿ ಅಗ್ನಿಕೊಂಡ ಹಾಗೂ ಜಾತ್ರಾ ಮಹೋತ್ಸವ ಅದ್ದೂರಿಯಾಗಿ ನಡೆಯಿತು. ಸುತ್ತಮುತ್ತಲ ಗ್ರಾಮಗಳಿಂದ ಸಾವಿರಾರು ಭಕ್ತರು ಆಗಮಿಸಿದ್ದರು.
ಹೊಸಕೋಟೆ ಗ್ರಾಮದಲ್ಲಿ ನಡೆದ ಉದ್ದನಮೂರ್ತಿ ಬಸವೇಶ್ವರಸ್ವಾಮಿ ಜಾತ್ರಾ ಮಹೋತ್ಸವ
ಮಾಗಡಿ: ತಾಲೂಕಿನ ಗ್ರಾಮದಲ್ಲಿ ಉದ್ದನಮೂರ್ತಿ ಬಸವೇಶ್ವರಸ್ವಾಮಿ ಅಗ್ನಿಕೊಂಡ ಹಾಗೂ ಜಾತ್ರಾ ಮಹೋತ್ಸವ ಅದ್ದೂರಿಯಾಗಿ ನಡೆಯಿತು. ಸುತ್ತಮುತ್ತಲ ಗ್ರಾಮಗಳಿಂದ ಸಾವಿರಾರು ಭಕ್ತರು ಆಗಮಿಸಿದ್ದರು.
ಮಾಗಡಿ: ತಾಲೂಕಿನ ಗ್ರಾಮದಲ್ಲಿ ಉದ್ದನಮೂರ್ತಿ ಬಸವೇಶ್ವರಸ್ವಾಮಿ ಅಗ್ನಿಕೊಂಡ ಹಾಗೂ ಜಾತ್ರಾ ಮಹೋತ್ಸವ ಅದ್ದೂರಿಯಾಗಿ ನಡೆಯಿತು. ಸುತ್ತಮುತ್ತಲ ಗ್ರಾಮಗಳಿಂದ ಸಾವಿರಾರು ಭಕ್ತರು ಆಗಮಿಸಿದ್ದರು.
ಮಾಗಡಿ: ತಾಲೂಕಿನ ಗ್ರಾಮದಲ್ಲಿ ಉದ್ದನಮೂರ್ತಿ ಬಸವೇಶ್ವರಸ್ವಾಮಿ ಅಗ್ನಿಕೊಂಡ ಹಾಗೂ ಜಾತ್ರಾ ಮಹೋತ್ಸವ ಅದ್ದೂರಿಯಾಗಿ ನಡೆಯಿತು. ಸುತ್ತಮುತ್ತಲ ಗ್ರಾಮಗಳಿಂದ ಸಾವಿರಾರು ಭಕ್ತರು ಆಗಮಿಸಿದ್ದರು.
ಮಾಗಡಿ: ತಾಲೂಕಿನ ಗ್ರಾಮದಲ್ಲಿ ಉದ್ದನಮೂರ್ತಿ ಬಸವೇಶ್ವರಸ್ವಾಮಿ ಅಗ್ನಿಕೊಂಡ ಹಾಗೂ ಜಾತ್ರಾ ಮಹೋತ್ಸವ ಅದ್ದೂರಿಯಾಗಿ ನಡೆಯಿತು. ಸುತ್ತಮುತ್ತಲ ಗ್ರಾಮಗಳಿಂದ ಸಾವಿರಾರು ಭಕ್ತರು ಆಗಮಿಸಿದ್ದರು.
ಮಾಗಡಿ: ತಾಲೂಕಿನ ಗ್ರಾಮದಲ್ಲಿ ಉದ್ದನಮೂರ್ತಿ ಬಸವೇಶ್ವರಸ್ವಾಮಿ ಅಗ್ನಿಕೊಂಡ ಹಾಗೂ ಜಾತ್ರಾ ಮಹೋತ್ಸವ ಅದ್ದೂರಿಯಾಗಿ ನಡೆಯಿತು. ಸುತ್ತಮುತ್ತಲ ಗ್ರಾಮಗಳಿಂದ ಸಾವಿರಾರು ಭಕ್ತರು ಆಗಮಿಸಿದ್ದರು.
ಮಾಗಡಿ: ತಾಲೂಕಿನ ಗ್ರಾಮದಲ್ಲಿ ಉದ್ದನಮೂರ್ತಿ ಬಸವೇಶ್ವರಸ್ವಾಮಿ ಅಗ್ನಿಕೊಂಡ ಹಾಗೂ ಜಾತ್ರಾ ಮಹೋತ್ಸವ ಅದ್ದೂರಿಯಾಗಿ ನಡೆಯಿತು. ಸುತ್ತಮುತ್ತಲ ಗ್ರಾಮಗಳಿಂದ ಸಾವಿರಾರು ಭಕ್ತರು ಆಗಮಿಸಿದ್ದರು.
ಮಾಗಡಿ: ತಾಲೂಕಿನ ಗ್ರಾಮದಲ್ಲಿ ಉದ್ದನಮೂರ್ತಿ ಬಸವೇಶ್ವರಸ್ವಾಮಿ ಅಗ್ನಿಕೊಂಡ ಹಾಗೂ ಜಾತ್ರಾ ಮಹೋತ್ಸವ ಅದ್ದೂರಿಯಾಗಿ ನಡೆಯಿತು. ಸುತ್ತಮುತ್ತಲ ಗ್ರಾಮಗಳಿಂದ ಸಾವಿರಾರು ಭಕ್ತರು ಆಗಮಿಸಿದ್ದರು.
ಮಾಗಡಿ: ತಾಲೂಕಿನ ಗ್ರಾಮದಲ್ಲಿ ಉದ್ದನಮೂರ್ತಿ ಬಸವೇಶ್ವರಸ್ವಾಮಿ ಅಗ್ನಿಕೊಂಡ ಹಾಗೂ ಜಾತ್ರಾ ಮಹೋತ್ಸವ ಅದ್ದೂರಿಯಾಗಿ ನಡೆಯಿತು. ಸುತ್ತಮುತ್ತಲ ಗ್ರಾಮಗಳಿಂದ ಸಾವಿರಾರು ಭಕ್ತರು ಆಗಮಿಸಿದ್ದರು.
ಮಾಗಡಿ: ತಾಲೂಕಿನ ಗ್ರಾಮದಲ್ಲಿ ಉದ್ದನಮೂರ್ತಿ ಬಸವೇಶ್ವರಸ್ವಾಮಿ ಅಗ್ನಿಕೊಂಡ ಹಾಗೂ ಜಾತ್ರಾ ಮಹೋತ್ಸವ ಅದ್ದೂರಿಯಾಗಿ ನಡೆಯಿತು. ಸುತ್ತಮುತ್ತಲ ಗ್ರಾಮಗಳಿಂದ ಸಾವಿರಾರು ಭಕ್ತರು ಆಗಮಿಸಿದ್ದರು.
ಮಾಗಡಿ: ತಾಲೂಕಿನ ಗ್ರಾಮದಲ್ಲಿ ಉದ್ದನಮೂರ್ತಿ ಬಸವೇಶ್ವರಸ್ವಾಮಿ ಅಗ್ನಿಕೊಂಡ ಹಾಗೂ ಜಾತ್ರಾ ಮಹೋತ್ಸವ ಅದ್ದೂರಿಯಾಗಿ ನಡೆಯಿತು. ಸುತ್ತಮುತ್ತಲ ಗ್ರಾಮಗಳಿಂದ ಸಾವಿರಾರು ಭಕ್ತರು ಆಗಮಿಸಿದ್ದರು.
